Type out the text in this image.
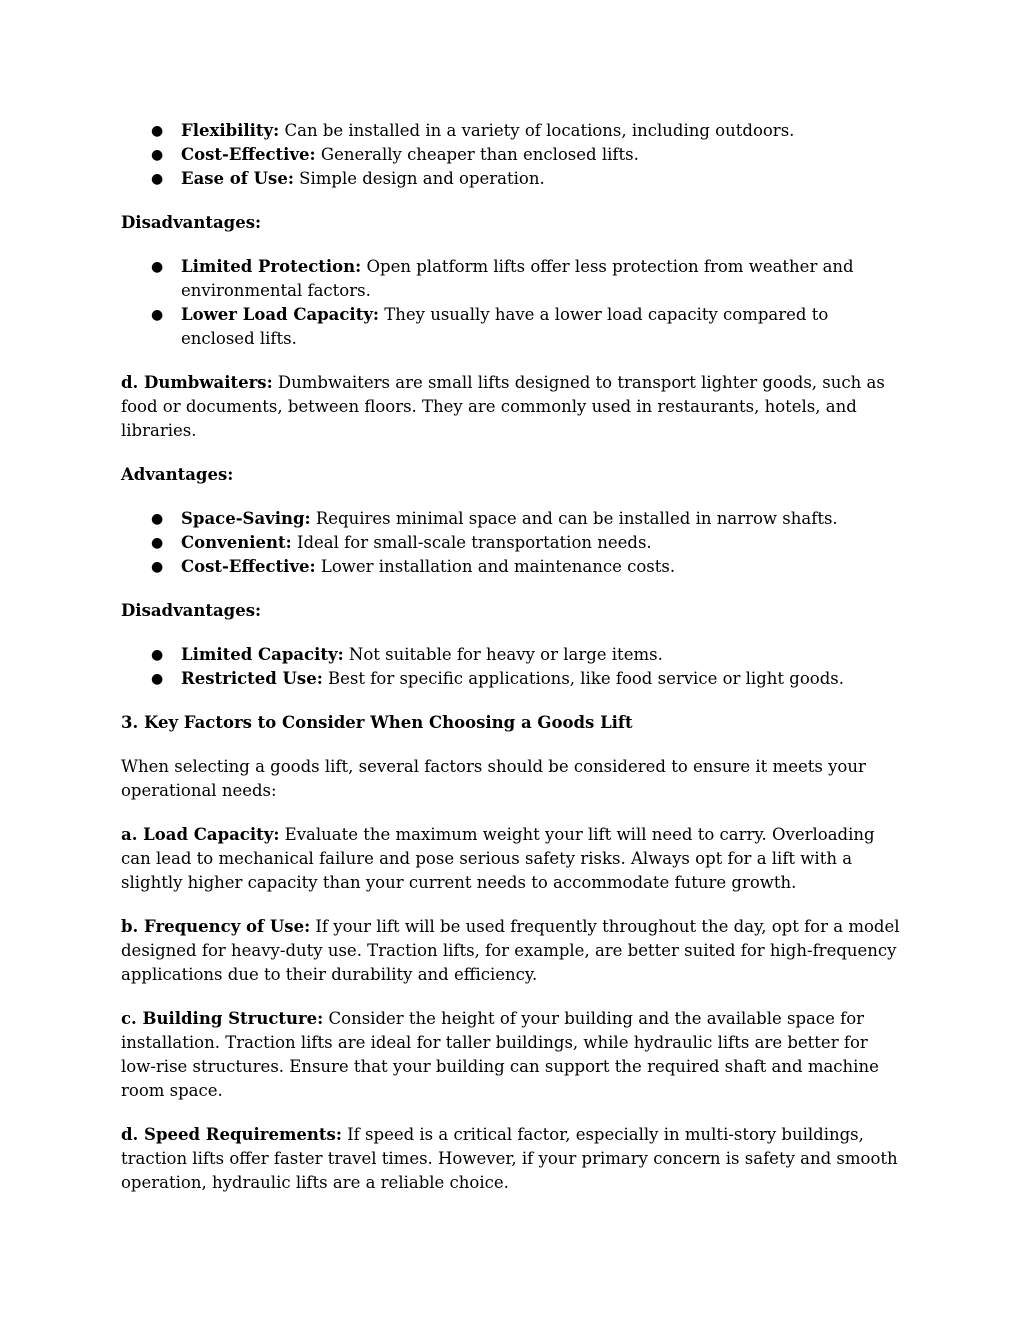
● Flexibility: Can be installed in a variety of locations, including outdoors.
● Cost-Effective: Generally cheaper than enclosed lifts.
● Ease of Use: Simple design and operation.

Disadvantages:

● Limited Protection: Open platform lifts offer less protection from weather and environmental factors.
● Lower Load Capacity: They usually have a lower load capacity compared to enclosed lifts.

d. Dumbwaiters: Dumbwaiters are small lifts designed to transport lighter goods, such as food or documents, between floors. They are commonly used in restaurants, hotels, and libraries.

Advantages:

● Space-Saving: Requires minimal space and can be installed in narrow shafts.
● Convenient: Ideal for small-scale transportation needs.
● Cost-Effective: Lower installation and maintenance costs.

Disadvantages:

● Limited Capacity: Not suitable for heavy or large items.
● Restricted Use: Best for specific applications, like food service or light goods.

3. Key Factors to Consider When Choosing a Goods Lift

When selecting a goods lift, several factors should be considered to ensure it meets your operational needs:

a. Load Capacity: Evaluate the maximum weight your lift will need to carry. Overloading can lead to mechanical failure and pose serious safety risks. Always opt for a lift with a slightly higher capacity than your current needs to accommodate future growth.

b. Frequency of Use: If your lift will be used frequently throughout the day, opt for a model designed for heavy-duty use. Traction lifts, for example, are better suited for high-frequency applications due to their durability and efficiency.

c. Building Structure: Consider the height of your building and the available space for installation. Traction lifts are ideal for taller buildings, while hydraulic lifts are better for low-rise structures. Ensure that your building can support the required shaft and machine room space.

d. Speed Requirements: If speed is a critical factor, especially in multi-story buildings, traction lifts offer faster travel times. However, if your primary concern is safety and smooth operation, hydraulic lifts are a reliable choice.
